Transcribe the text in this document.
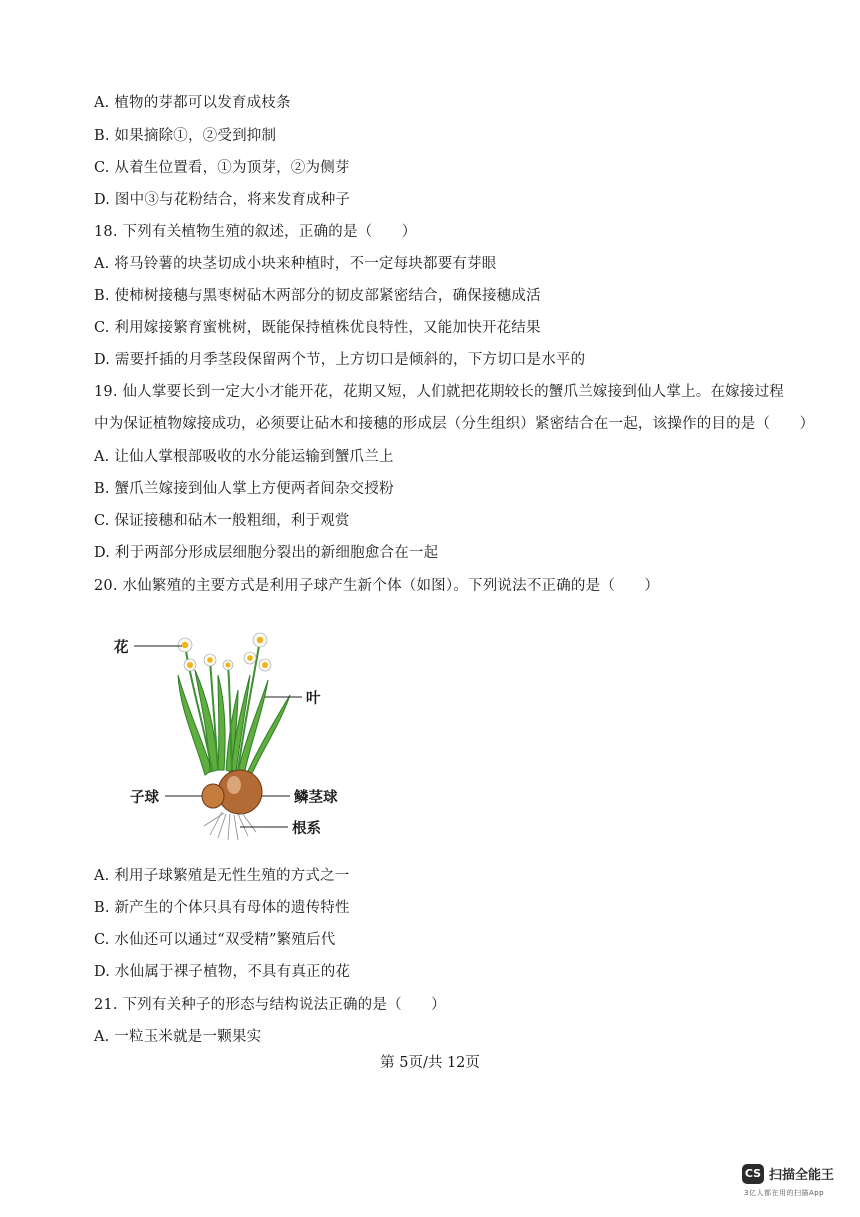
A. 植物的芽都可以发育成枝条
B. 如果摘除①，②受到抑制
C. 从着生位置看，①为顶芽，②为侧芽
D. 图中③与花粉结合，将来发育成种子
18. 下列有关植物生殖的叙述，正确的是（　　）
A. 将马铃薯的块茎切成小块来种植时，不一定每块都要有芽眼
B. 使柿树接穗与黑枣树砧木两部分的韧皮部紧密结合，确保接穗成活
C. 利用嫁接繁育蜜桃树，既能保持植株优良特性，又能加快开花结果
D. 需要扦插的月季茎段保留两个节，上方切口是倾斜的，下方切口是水平的
19. 仙人掌要长到一定大小才能开花，花期又短，人们就把花期较长的蟹爪兰嫁接到仙人掌上。在嫁接过程
中为保证植物嫁接成功，必须要让砧木和接穗的形成层（分生组织）紧密结合在一起，该操作的目的是（　　）
A. 让仙人掌根部吸收的水分能运输到蟹爪兰上
B. 蟹爪兰嫁接到仙人掌上方便两者间杂交授粉
C. 保证接穗和砧木一般粗细，利于观赏
D. 利于两部分形成层细胞分裂出的新细胞愈合在一起
20. 水仙繁殖的主要方式是利用子球产生新个体（如图）。下列说法不正确的是（　　）
花
叶
子球	鳞茎球
根系
A. 利用子球繁殖是无性生殖的方式之一
B. 新产生的个体只具有母体的遗传特性
C. 水仙还可以通过“双受精”繁殖后代
D. 水仙属于裸子植物，不具有真正的花
21. 下列有关种子的形态与结构说法正确的是（　　）
A. 一粒玉米就是一颗果实
第 5页/共 12页
CS 扫描全能王
3亿人都在用的扫描App
